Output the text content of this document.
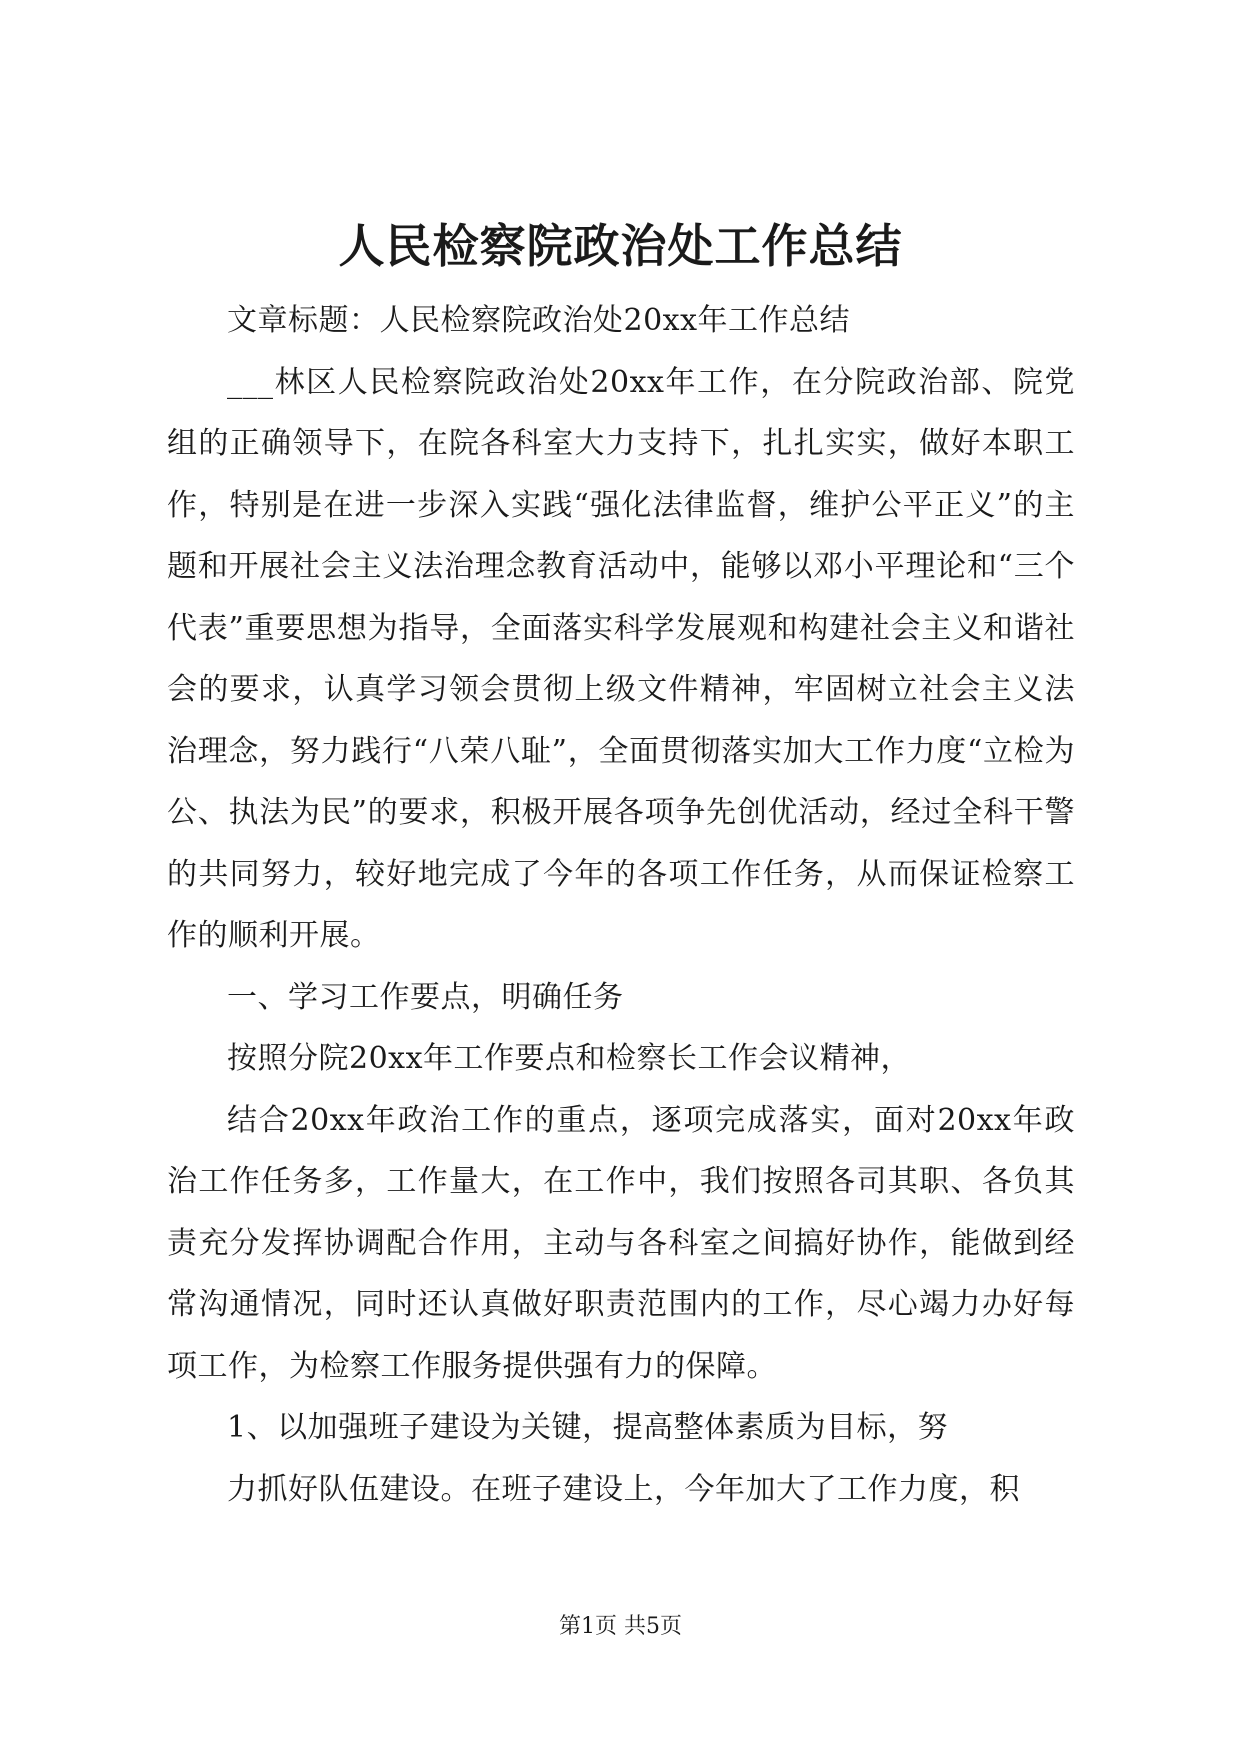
人民检察院政治处工作总结

文章标题：人民检察院政治处20xx年工作总结

___林区人民检察院政治处20xx年工作，在分院政治部、院党组的正确领导下，在院各科室大力支持下，扎扎实实，做好本职工作，特别是在进一步深入实践“强化法律监督，维护公平正义”的主题和开展社会主义法治理念教育活动中，能够以邓小平理论和“三个代表”重要思想为指导，全面落实科学发展观和构建社会主义和谐社会的要求，认真学习领会贯彻上级文件精神，牢固树立社会主义法治理念，努力践行“八荣八耻”，全面贯彻落实加大工作力度“立检为公、执法为民”的要求，积极开展各项争先创优活动，经过全科干警的共同努力，较好地完成了今年的各项工作任务，从而保证检察工作的顺利开展。

一、学习工作要点，明确任务

按照分院20xx年工作要点和检察长工作会议精神，

结合20xx年政治工作的重点，逐项完成落实，面对20xx年政治工作任务多，工作量大，在工作中，我们按照各司其职、各负其责充分发挥协调配合作用，主动与各科室之间搞好协作，能做到经常沟通情况，同时还认真做好职责范围内的工作，尽心竭力办好每项工作，为检察工作服务提供强有力的保障。

1、以加强班子建设为关键，提高整体素质为目标，努

力抓好队伍建设。在班子建设上，今年加大了工作力度，积

第1页 共5页
